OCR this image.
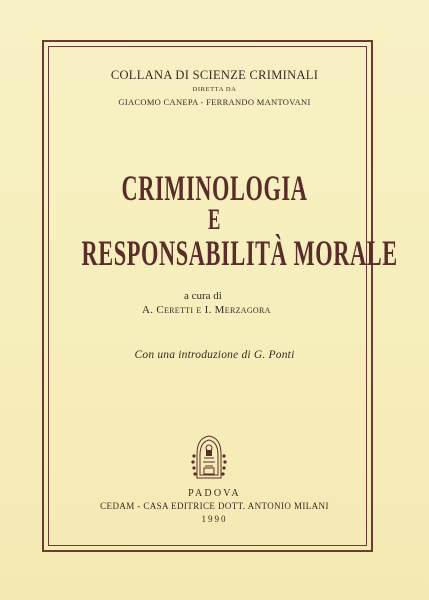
COLLANA DI SCIENZE CRIMINALI
DIRETTA DA
GIACOMO CANEPA - FERRANDO MANTOVANI
CRIMINOLOGIA
E
RESPONSABILITÀ MORALE
a cura di
A. Ceretti e I. Merzagora
Con una introduzione di G. Ponti
PADOVA
CEDAM - CASA EDITRICE DOTT. ANTONIO MILANI
1990
